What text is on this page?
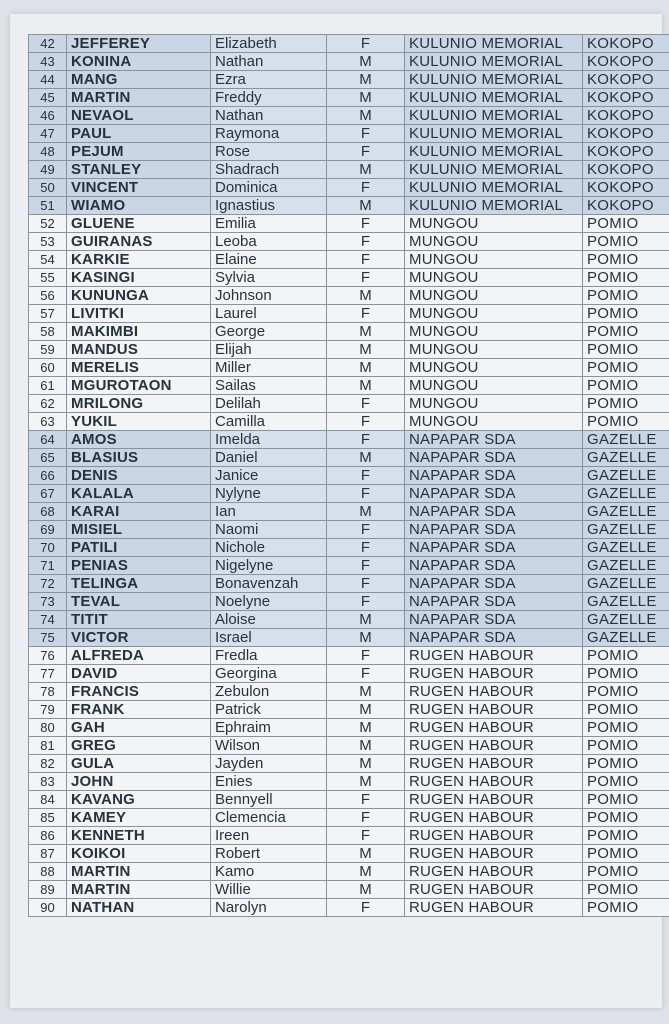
42	JEFFEREY	Elizabeth	F	KULUNIO MEMORIAL	KOKOPO
43	KONINA	Nathan	M	KULUNIO MEMORIAL	KOKOPO
44	MANG	Ezra	M	KULUNIO MEMORIAL	KOKOPO
45	MARTIN	Freddy	M	KULUNIO MEMORIAL	KOKOPO
46	NEVAOL	Nathan	M	KULUNIO MEMORIAL	KOKOPO
47	PAUL	Raymona	F	KULUNIO MEMORIAL	KOKOPO
48	PEJUM	Rose	F	KULUNIO MEMORIAL	KOKOPO
49	STANLEY	Shadrach	M	KULUNIO MEMORIAL	KOKOPO
50	VINCENT	Dominica	F	KULUNIO MEMORIAL	KOKOPO
51	WIAMO	Ignastius	M	KULUNIO MEMORIAL	KOKOPO
52	GLUENE	Emilia	F	MUNGOU	POMIO
53	GUIRANAS	Leoba	F	MUNGOU	POMIO
54	KARKIE	Elaine	F	MUNGOU	POMIO
55	KASINGI	Sylvia	F	MUNGOU	POMIO
56	KUNUNGA	Johnson	M	MUNGOU	POMIO
57	LIVITKI	Laurel	F	MUNGOU	POMIO
58	MAKIMBI	George	M	MUNGOU	POMIO
59	MANDUS	Elijah	M	MUNGOU	POMIO
60	MERELIS	Miller	M	MUNGOU	POMIO
61	MGUROTAON	Sailas	M	MUNGOU	POMIO
62	MRILONG	Delilah	F	MUNGOU	POMIO
63	YUKIL	Camilla	F	MUNGOU	POMIO
64	AMOS	Imelda	F	NAPAPAR SDA	GAZELLE
65	BLASIUS	Daniel	M	NAPAPAR SDA	GAZELLE
66	DENIS	Janice	F	NAPAPAR SDA	GAZELLE
67	KALALA	Nylyne	F	NAPAPAR SDA	GAZELLE
68	KARAI	Ian	M	NAPAPAR SDA	GAZELLE
69	MISIEL	Naomi	F	NAPAPAR SDA	GAZELLE
70	PATILI	Nichole	F	NAPAPAR SDA	GAZELLE
71	PENIAS	Nigelyne	F	NAPAPAR SDA	GAZELLE
72	TELINGA	Bonavenzah	F	NAPAPAR SDA	GAZELLE
73	TEVAL	Noelyne	F	NAPAPAR SDA	GAZELLE
74	TITIT	Aloise	M	NAPAPAR SDA	GAZELLE
75	VICTOR	Israel	M	NAPAPAR SDA	GAZELLE
76	ALFREDA	Fredla	F	RUGEN HABOUR	POMIO
77	DAVID	Georgina	F	RUGEN HABOUR	POMIO
78	FRANCIS	Zebulon	M	RUGEN HABOUR	POMIO
79	FRANK	Patrick	M	RUGEN HABOUR	POMIO
80	GAH	Ephraim	M	RUGEN HABOUR	POMIO
81	GREG	Wilson	M	RUGEN HABOUR	POMIO
82	GULA	Jayden	M	RUGEN HABOUR	POMIO
83	JOHN	Enies	M	RUGEN HABOUR	POMIO
84	KAVANG	Bennyell	F	RUGEN HABOUR	POMIO
85	KAMEY	Clemencia	F	RUGEN HABOUR	POMIO
86	KENNETH	Ireen	F	RUGEN HABOUR	POMIO
87	KOIKOI	Robert	M	RUGEN HABOUR	POMIO
88	MARTIN	Kamo	M	RUGEN HABOUR	POMIO
89	MARTIN	Willie	M	RUGEN HABOUR	POMIO
90	NATHAN	Narolyn	F	RUGEN HABOUR	POMIO
